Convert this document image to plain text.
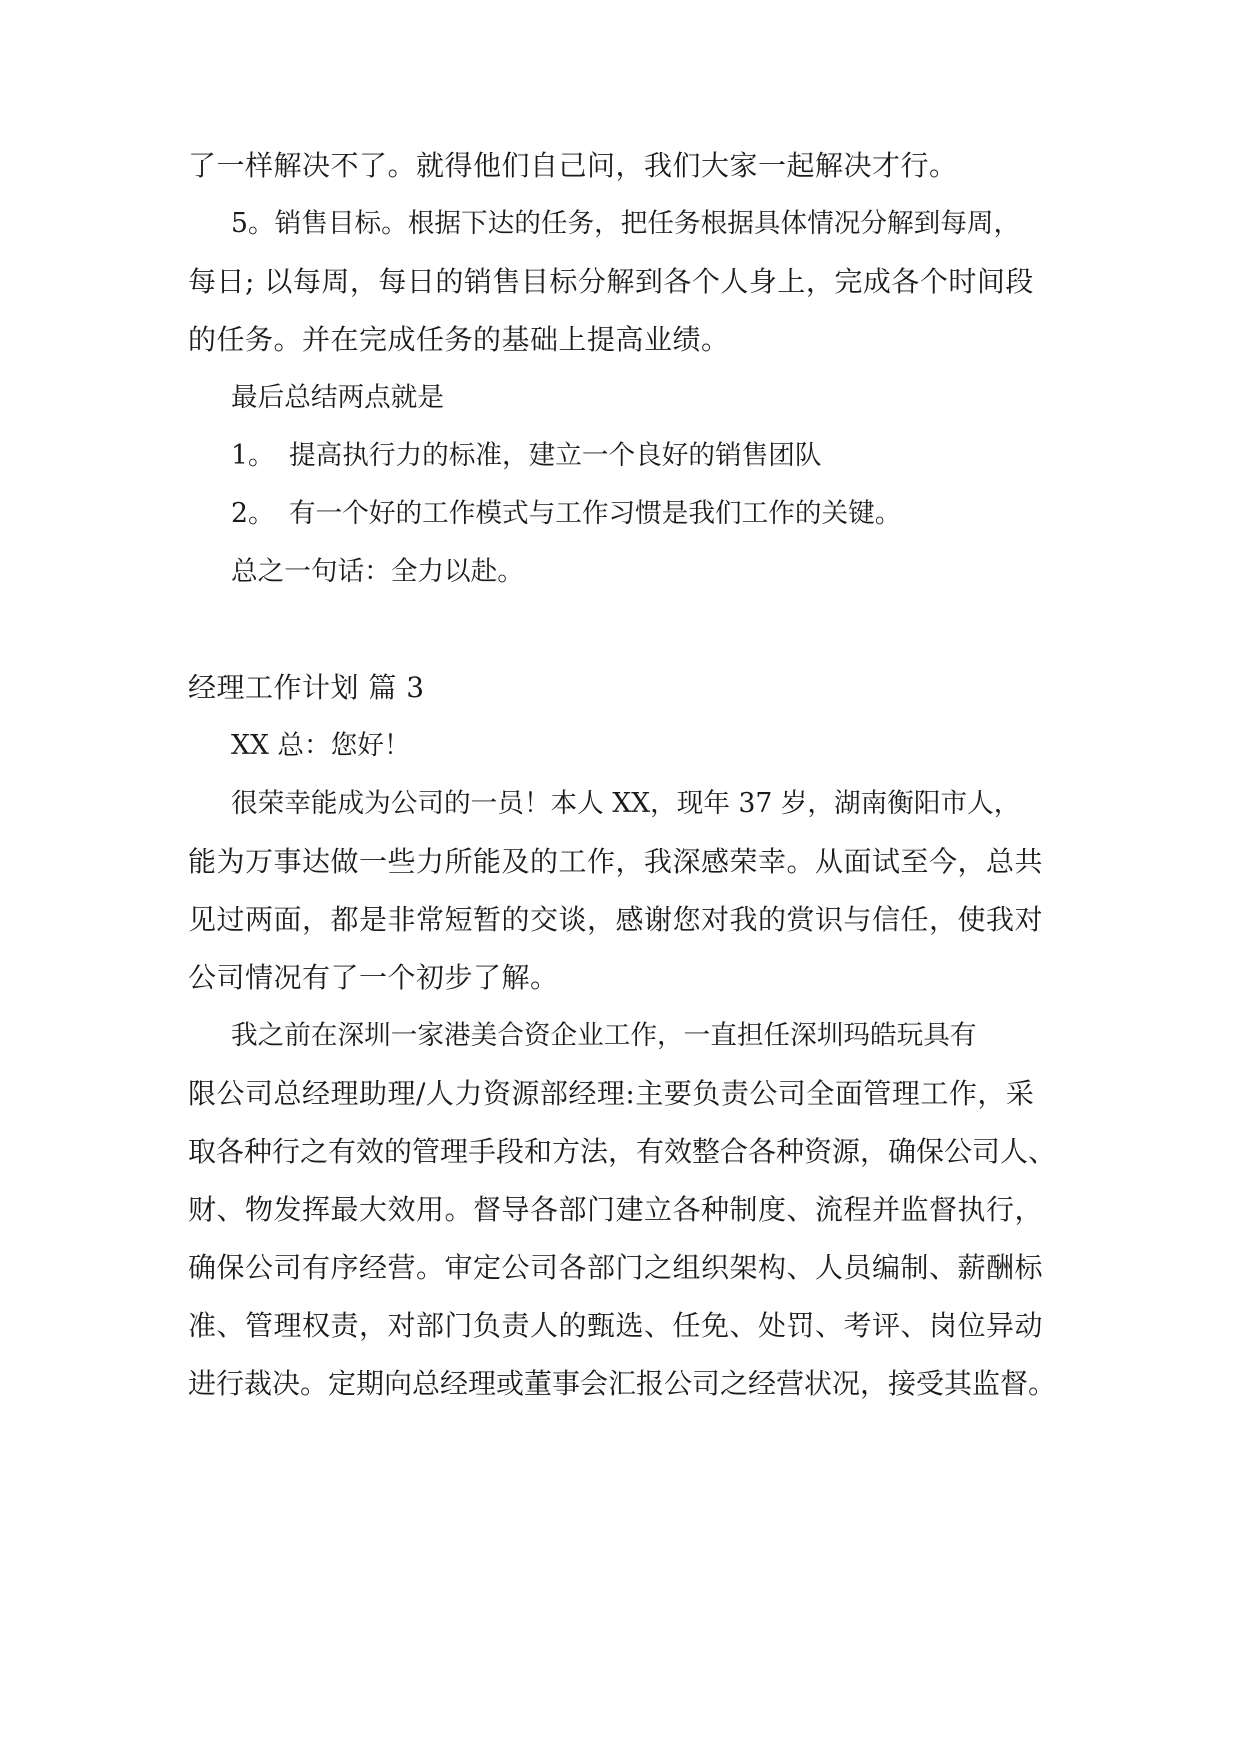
了一样解决不了。就得他们自己问，我们大家一起解决才行。
5。销售目标。根据下达的任务，把任务根据具体情况分解到每周，
每日; 以每周，每日的销售目标分解到各个人身上，完成各个时间段
的任务。并在完成任务的基础上提高业绩。
最后总结两点就是
1。 提高执行力的标准，建立一个良好的销售团队
2。 有一个好的工作模式与工作习惯是我们工作的关键。
总之一句话：全力以赴。
经理工作计划 篇 3
XX 总：您好！
很荣幸能成为公司的一员！本人 XX，现年 37 岁，湖南衡阳市人，
能为万事达做一些力所能及的工作，我深感荣幸。从面试至今，总共
见过两面，都是非常短暂的交谈，感谢您对我的赏识与信任，使我对
公司情况有了一个初步了解。
我之前在深圳一家港美合资企业工作，一直担任深圳玛皓玩具有
限公司总经理助理/人力资源部经理:主要负责公司全面管理工作，采
取各种行之有效的管理手段和方法，有效整合各种资源，确保公司人、
财、物发挥最大效用。督导各部门建立各种制度、流程并监督执行，
确保公司有序经营。审定公司各部门之组织架构、人员编制、薪酬标
准、管理权责，对部门负责人的甄选、任免、处罚、考评、岗位异动
进行裁决。定期向总经理或董事会汇报公司之经营状况，接受其监督。
